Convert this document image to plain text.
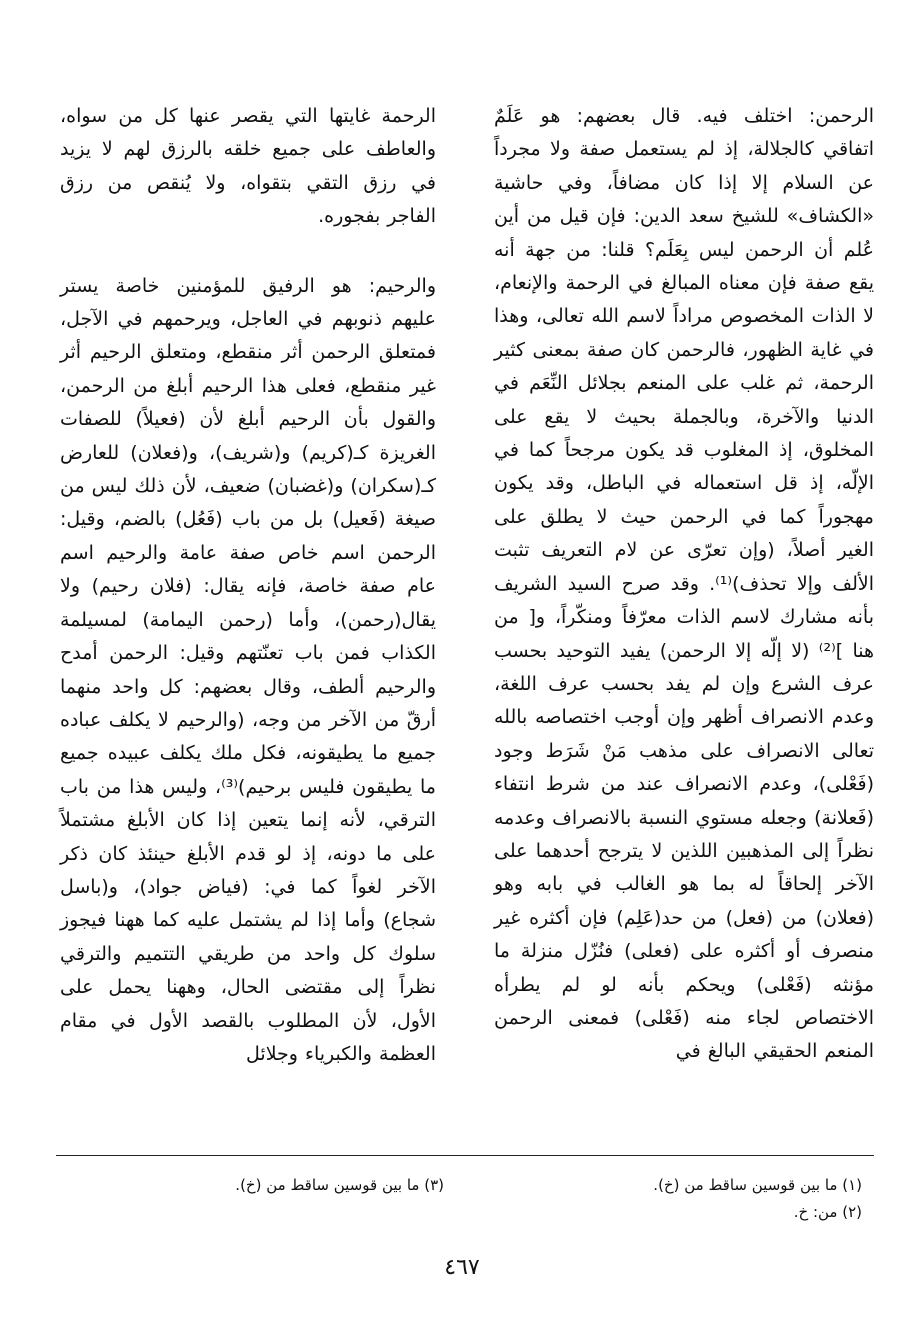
الرحمن: اختلف فيه. قال بعضهم: هو عَلَمٌ اتفاقي كالجلالة، إذ لم يستعمل صفة ولا مجرداً عن السلام إلا إذا كان مضافاً، وفي حاشية «الكشاف» للشيخ سعد الدين: فإن قيل من أين عُلم أن الرحمن ليس بِعَلَم؟ قلنا: من جهة أنه يقع صفة فإن معناه المبالغ في الرحمة والإنعام، لا الذات المخصوص مراداً لاسم الله تعالى، وهذا في غاية الظهور، فالرحمن كان صفة بمعنى كثير الرحمة، ثم غلب على المنعم بجلائل النِّعَم في الدنيا والآخرة، وبالجملة بحيث لا يقع على المخلوق، إذ المغلوب قد يكون مرجحاً كما في الإلّه، إذ قل استعماله في الباطل، وقد يكون مهجوراً كما في الرحمن حيث لا يطلق على الغير أصلاً، (وإن تعرّى عن لام التعريف تثبت الألف وإلا تحذف)⁽¹⁾. وقد صرح السيد الشريف بأنه مشارك لاسم الذات معرّفاً ومنكّراً، و[ من هنا ]⁽²⁾ (لا إلّه إلا الرحمن) يفيد التوحيد بحسب عرف الشرع وإن لم يفد بحسب عرف اللغة، وعدم الانصراف أظهر وإن أوجب اختصاصه بالله تعالى الانصراف على مذهب مَنْ شَرَط وجود (فَعْلى)، وعدم الانصراف عند من شرط انتفاء (فَعلانة) وجعله مستوي النسبة بالانصراف وعدمه نظراً إلى المذهبين اللذين لا يترجح أحدهما على الآخر إلحاقاً له بما هو الغالب في بابه وهو (فعلان) من (فعل) من حد(عَلِم) فإن أكثره غير منصرف أو أكثره على (فعلى) فنُزّل منزلة ما مؤنثه (فَعْلى) ويحكم بأنه لو لم يطرأه الاختصاص لجاء منه (فَعْلى) فمعنى الرحمن المنعم الحقيقي البالغ في

الرحمة غايتها التي يقصر عنها كل من سواه، والعاطف على جميع خلقه بالرزق لهم لا يزيد في رزق التقي بتقواه، ولا يُنقص من رزق الفاجر بفجوره.

والرحيم: هو الرفيق للمؤمنين خاصة يستر عليهم ذنوبهم في العاجل، ويرحمهم في الآجل، فمتعلق الرحمن أثر منقطع، ومتعلق الرحيم أثر غير منقطع، فعلى هذا الرحيم أبلغ من الرحمن، والقول بأن الرحيم أبلغ لأن (فعيلاً) للصفات الغريزة كـ(كريم) و(شريف)، و(فعلان) للعارض كـ(سكران) و(غضبان) ضعيف، لأن ذلك ليس من صيغة (فَعيل) بل من باب (فَعُل) بالضم، وقيل: الرحمن اسم خاص صفة عامة والرحيم اسم عام صفة خاصة، فإنه يقال: (فلان رحيم) ولا يقال(رحمن)، وأما (رحمن اليمامة) لمسيلمة الكذاب فمن باب تعنّتهم وقيل: الرحمن أمدح والرحيم ألطف، وقال بعضهم: كل واحد منهما أرقّ من الآخر من وجه، (والرحيم لا يكلف عباده جميع ما يطيقونه، فكل ملك يكلف عبيده جميع ما يطيقون فليس برحيم)⁽³⁾، وليس هذا من باب الترقي، لأنه إنما يتعين إذا كان الأبلغ مشتملاً على ما دونه، إذ لو قدم الأبلغ حينئذ كان ذكر الآخر لغواً كما في: (فياض جواد)، و(باسل شجاع) وأما إذا لم يشتمل عليه كما ههنا فيجوز سلوك كل واحد من طريقي التتميم والترقي نظراً إلى مقتضى الحال، وههنا يحمل على الأول، لأن المطلوب بالقصد الأول في مقام العظمة والكبرياء وجلائل

(١) ما بين قوسين ساقط من (خ).

(٢) من: خ.

(٣) ما بين قوسين ساقط من (خ).

٤٦٧
